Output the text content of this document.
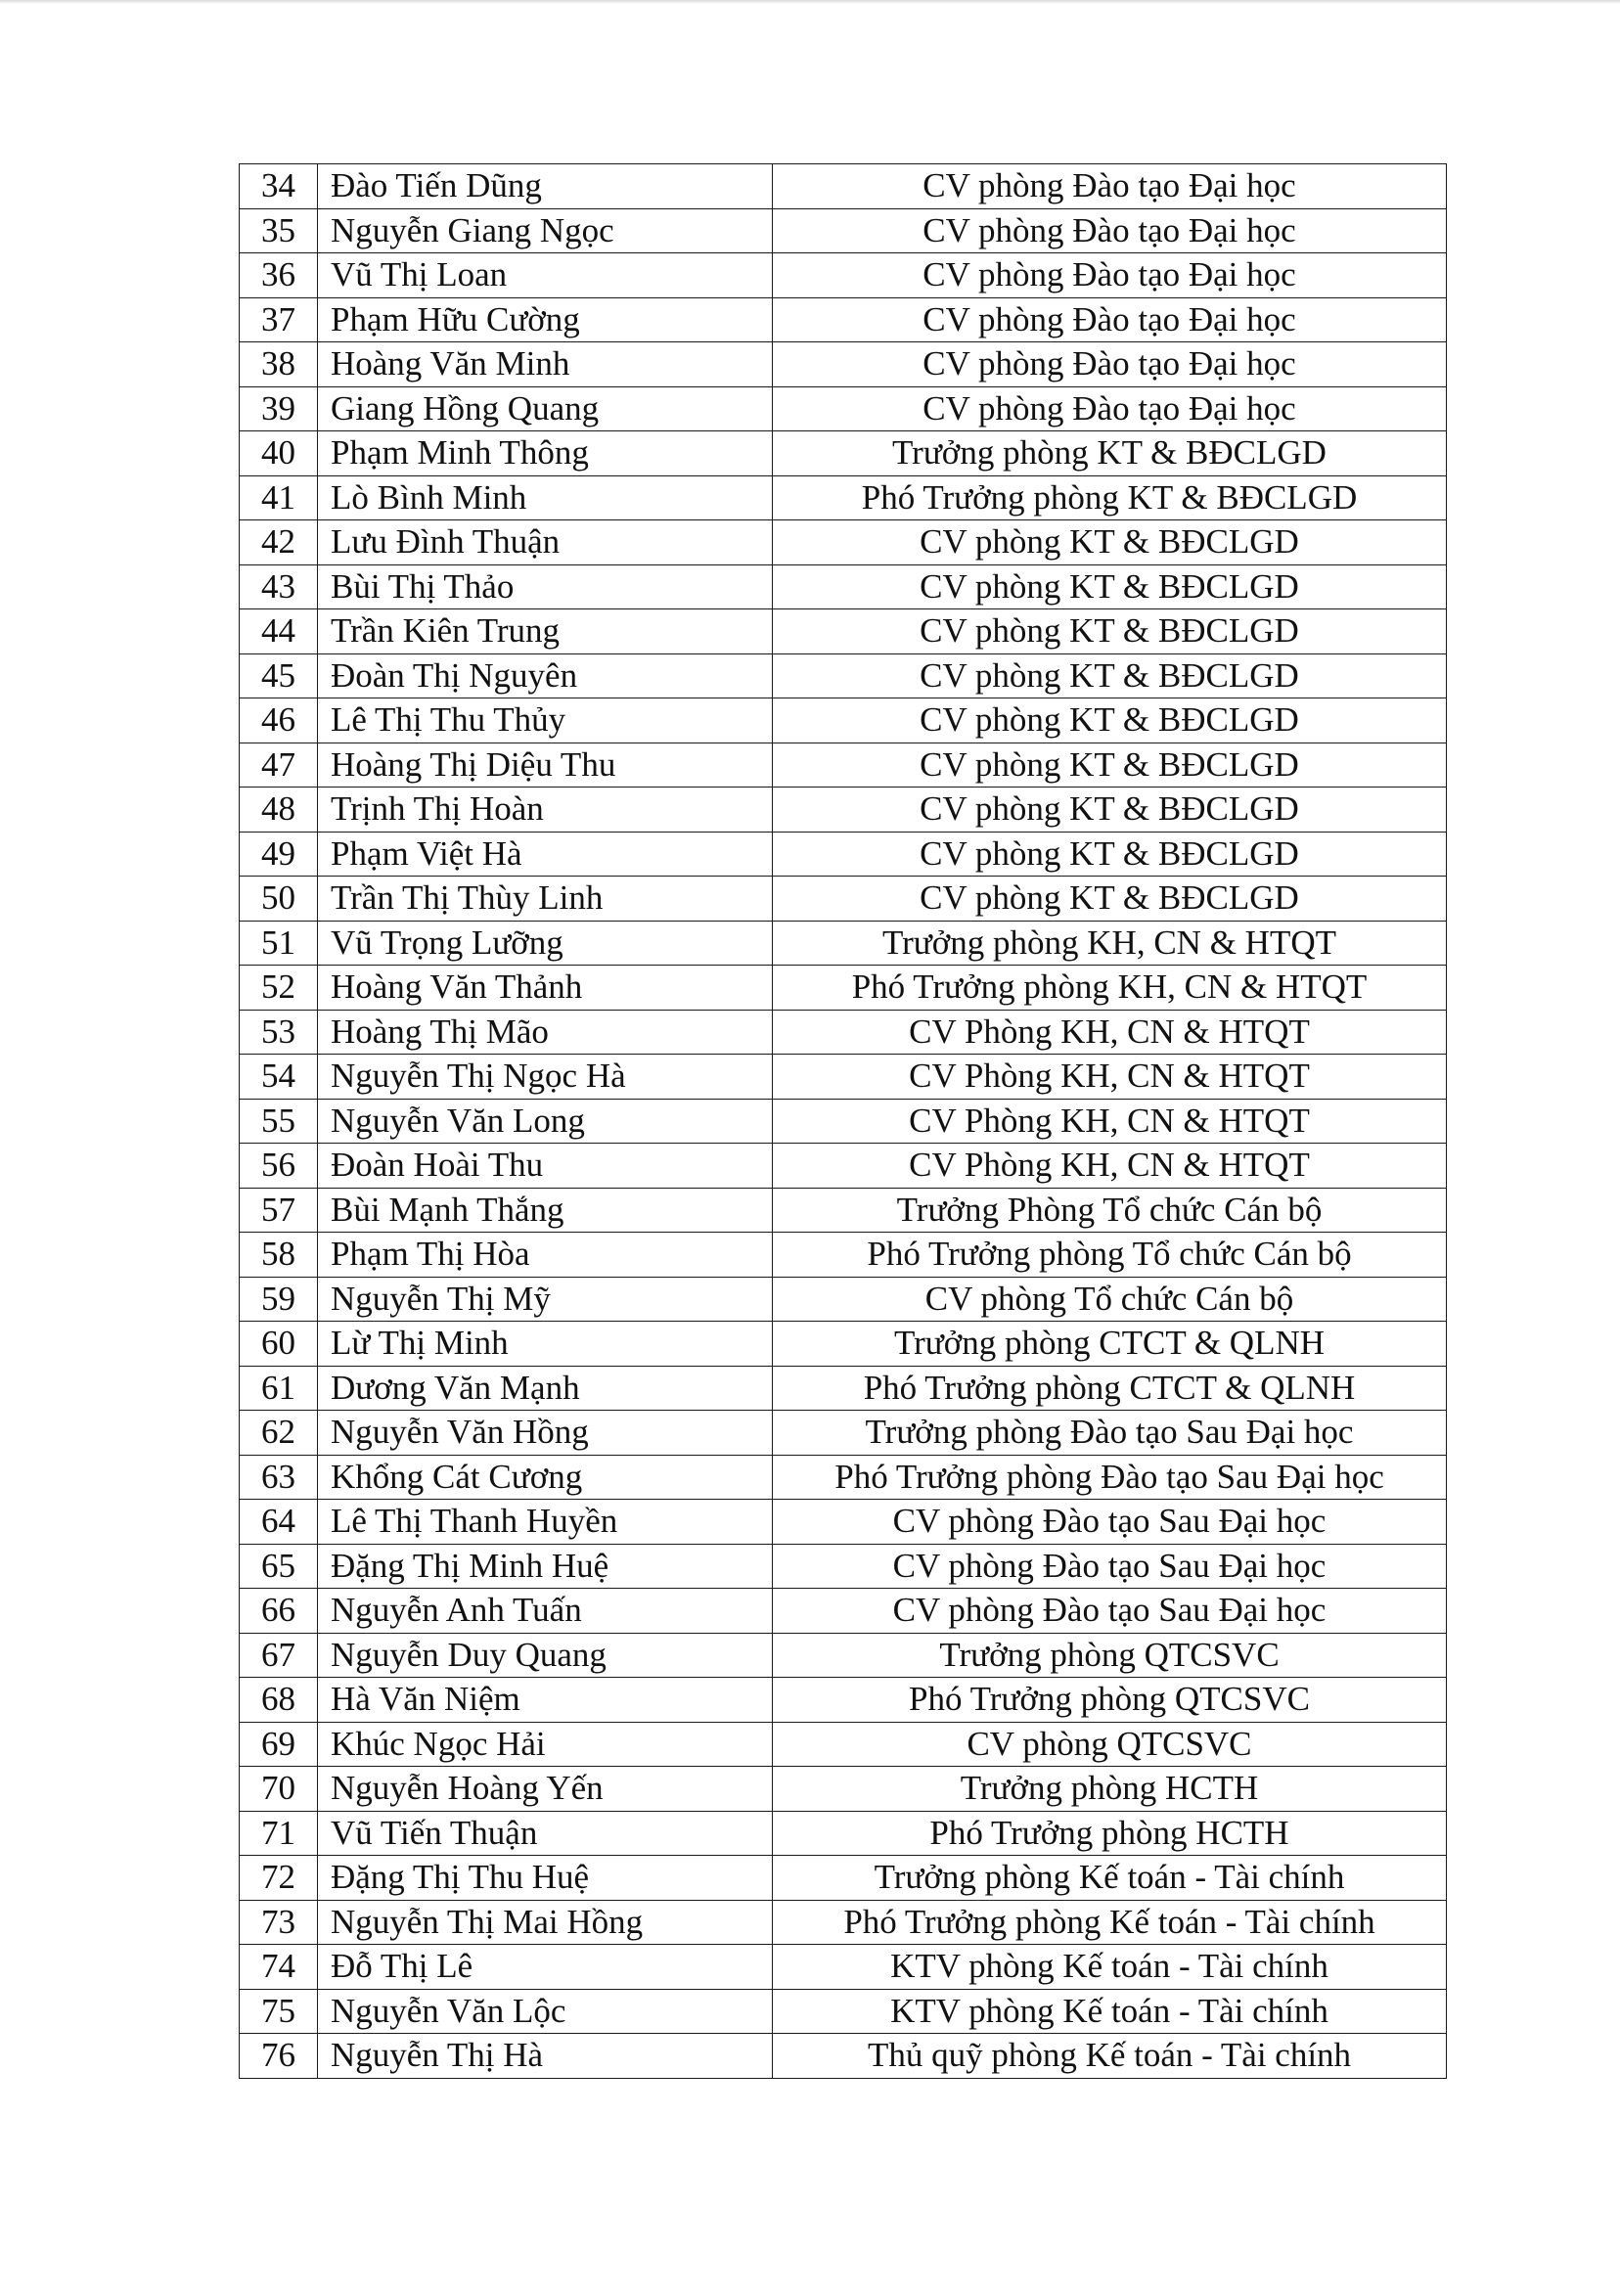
34	Đào Tiến Dũng	CV phòng Đào tạo Đại học
35	Nguyễn Giang Ngọc	CV phòng Đào tạo Đại học
36	Vũ Thị Loan	CV phòng Đào tạo Đại học
37	Phạm Hữu Cường	CV phòng Đào tạo Đại học
38	Hoàng Văn Minh	CV phòng Đào tạo Đại học
39	Giang Hồng Quang	CV phòng Đào tạo Đại học
40	Phạm Minh Thông	Trưởng phòng KT & BĐCLGD
41	Lò Bình Minh	Phó Trưởng phòng KT & BĐCLGD
42	Lưu Đình Thuận	CV phòng KT & BĐCLGD
43	Bùi Thị Thảo	CV phòng KT & BĐCLGD
44	Trần Kiên Trung	CV phòng KT & BĐCLGD
45	Đoàn Thị Nguyên	CV phòng KT & BĐCLGD
46	Lê Thị Thu Thủy	CV phòng KT & BĐCLGD
47	Hoàng Thị Diệu Thu	CV phòng KT & BĐCLGD
48	Trịnh Thị Hoàn	CV phòng KT & BĐCLGD
49	Phạm Việt Hà	CV phòng KT & BĐCLGD
50	Trần Thị Thùy Linh	CV phòng KT & BĐCLGD
51	Vũ Trọng Lưỡng	Trưởng phòng KH, CN & HTQT
52	Hoàng Văn Thảnh	Phó Trưởng phòng KH, CN & HTQT
53	Hoàng Thị Mão	CV Phòng KH, CN & HTQT
54	Nguyễn Thị Ngọc Hà	CV Phòng KH, CN & HTQT
55	Nguyễn Văn Long	CV Phòng KH, CN & HTQT
56	Đoàn Hoài Thu	CV Phòng KH, CN & HTQT
57	Bùi Mạnh Thắng	Trưởng Phòng Tổ chức Cán bộ
58	Phạm Thị Hòa	Phó Trưởng phòng Tổ chức Cán bộ
59	Nguyễn Thị Mỹ	CV phòng Tổ chức Cán bộ
60	Lừ Thị Minh	Trưởng phòng CTCT & QLNH
61	Dương Văn Mạnh	Phó Trưởng phòng CTCT & QLNH
62	Nguyễn Văn Hồng	Trưởng phòng Đào tạo Sau Đại học
63	Khổng Cát Cương	Phó Trưởng phòng Đào tạo Sau Đại học
64	Lê Thị Thanh Huyền	CV phòng Đào tạo Sau Đại học
65	Đặng Thị Minh Huệ	CV phòng Đào tạo Sau Đại học
66	Nguyễn Anh Tuấn	CV phòng Đào tạo Sau Đại học
67	Nguyễn Duy Quang	Trưởng phòng QTCSVC
68	Hà Văn Niệm	Phó Trưởng phòng QTCSVC
69	Khúc Ngọc Hải	CV phòng QTCSVC
70	Nguyễn Hoàng Yến	Trưởng phòng HCTH
71	Vũ Tiến Thuận	Phó Trưởng phòng HCTH
72	Đặng Thị Thu Huệ	Trưởng phòng Kế toán - Tài chính
73	Nguyễn Thị Mai Hồng	Phó Trưởng phòng Kế toán - Tài chính
74	Đỗ Thị Lê	KTV phòng Kế toán - Tài chính
75	Nguyễn Văn Lộc	KTV phòng Kế toán - Tài chính
76	Nguyễn Thị Hà	Thủ quỹ phòng Kế toán - Tài chính
